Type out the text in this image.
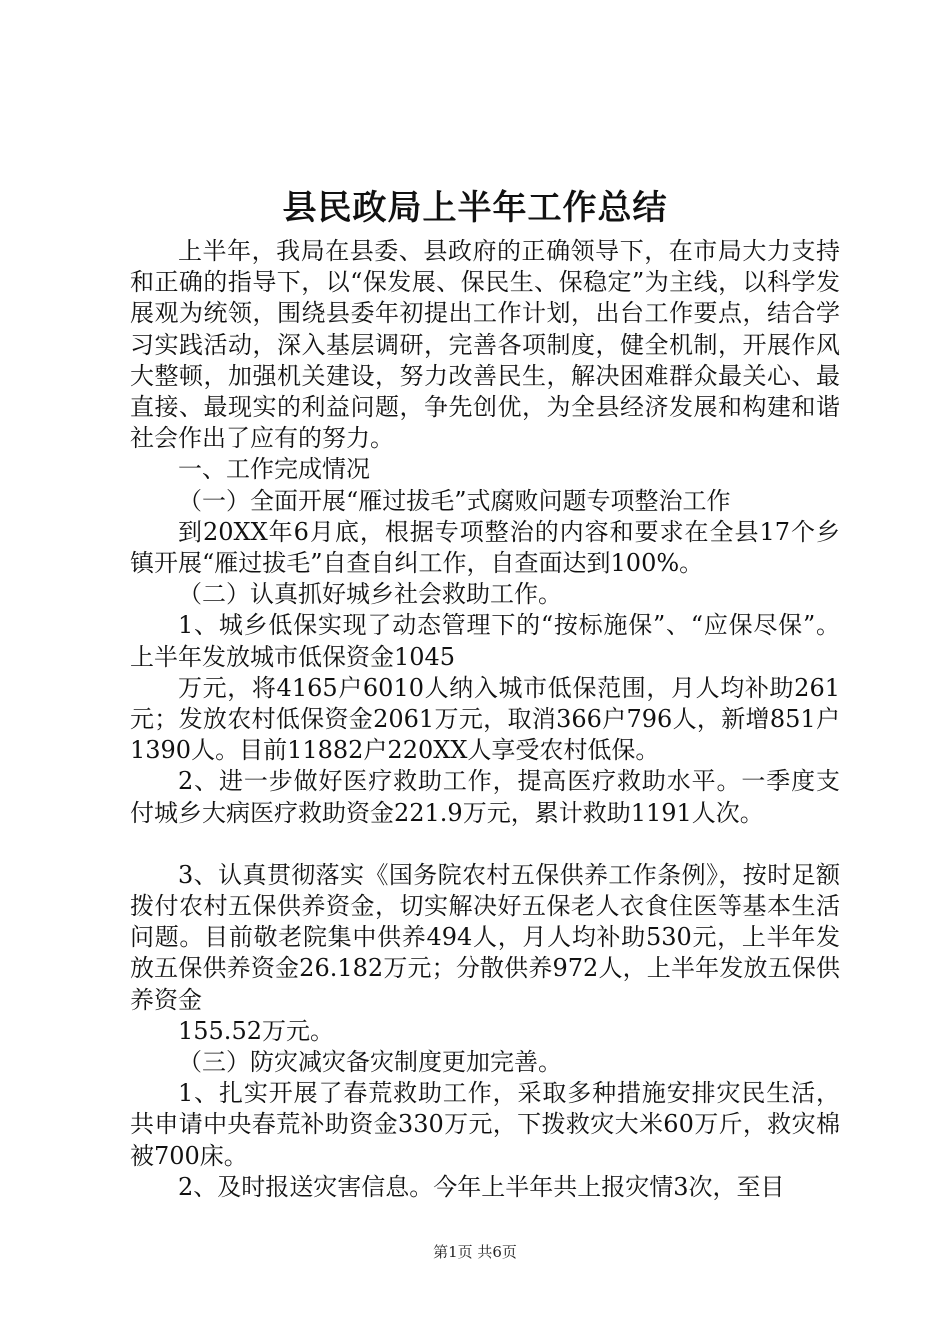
县民政局上半年工作总结

上半年，我局在县委、县政府的正确领导下，在市局大力支持和正确的指导下，以“保发展、保民生、保稳定”为主线，以科学发展观为统领，围绕县委年初提出工作计划，出台工作要点，结合学习实践活动，深入基层调研，完善各项制度，健全机制，开展作风大整顿，加强机关建设，努力改善民生，解决困难群众最关心、最直接、最现实的利益问题，争先创优，为全县经济发展和构建和谐社会作出了应有的努力。

一、工作完成情况

（一）全面开展“雁过拔毛”式腐败问题专项整治工作

到20XX年6月底，根据专项整治的内容和要求在全县17个乡镇开展“雁过拔毛”自查自纠工作，自查面达到100%。

（二）认真抓好城乡社会救助工作。

1、城乡低保实现了动态管理下的“按标施保”、“应保尽保”。上半年发放城市低保资金1045

万元，将4165户6010人纳入城市低保范围，月人均补助261元；发放农村低保资金2061万元，取消366户796人，新增851户1390人。目前11882户220XX人享受农村低保。

2、进一步做好医疗救助工作，提高医疗救助水平。一季度支付城乡大病医疗救助资金221.9万元，累计救助1191人次。

3、认真贯彻落实《国务院农村五保供养工作条例》，按时足额拨付农村五保供养资金，切实解决好五保老人衣食住医等基本生活问题。目前敬老院集中供养494人，月人均补助530元，上半年发放五保供养资金26.182万元；分散供养972人，上半年发放五保供养资金

155.52万元。

（三）防灾减灾备灾制度更加完善。

1、扎实开展了春荒救助工作，采取多种措施安排灾民生活，共申请中央春荒补助资金330万元，下拨救灾大米60万斤，救灾棉被700床。

2、及时报送灾害信息。今年上半年共上报灾情3次，至目

第1页 共6页
